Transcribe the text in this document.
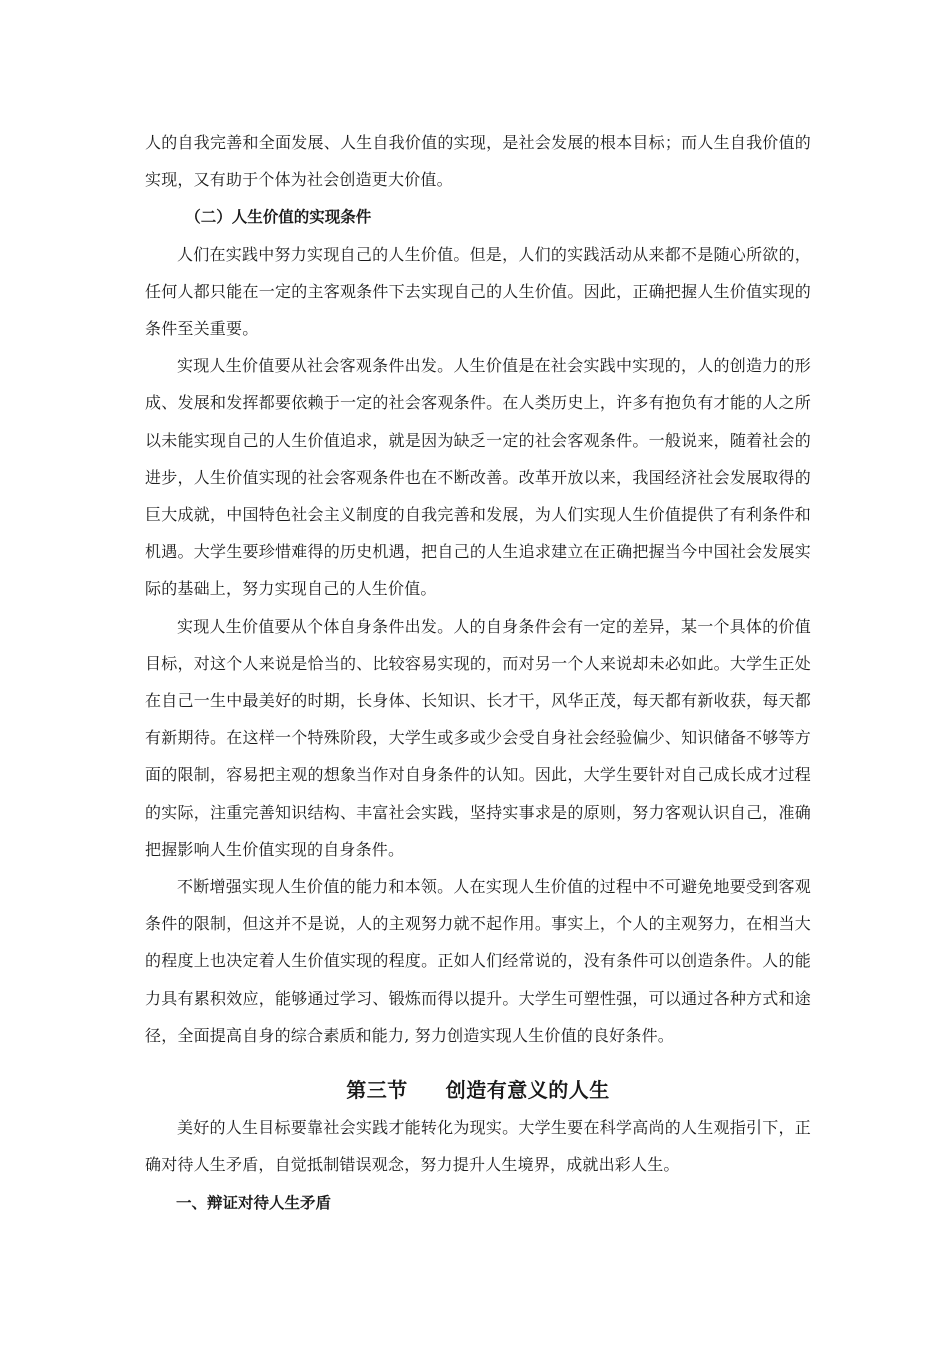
人的自我完善和全面发展、人生自我价值的实现，是社会发展的根本目标；而人生自我价值的实现，又有助于个体为社会创造更大价值。

（二）人生价值的实现条件

人们在实践中努力实现自己的人生价值。但是，人们的实践活动从来都不是随心所欲的，任何人都只能在一定的主客观条件下去实现自己的人生价值。因此，正确把握人生价值实现的条件至关重要。

实现人生价值要从社会客观条件出发。人生价值是在社会实践中实现的，人的创造力的形成、发展和发挥都要依赖于一定的社会客观条件。在人类历史上，许多有抱负有才能的人之所以未能实现自己的人生价值追求，就是因为缺乏一定的社会客观条件。一般说来，随着社会的进步，人生价值实现的社会客观条件也在不断改善。改革开放以来，我国经济社会发展取得的巨大成就，中国特色社会主义制度的自我完善和发展，为人们实现人生价值提供了有利条件和机遇。大学生要珍惜难得的历史机遇，把自己的人生追求建立在正确把握当今中国社会发展实际的基础上，努力实现自己的人生价值。

实现人生价值要从个体自身条件出发。人的自身条件会有一定的差异，某一个具体的价值目标，对这个人来说是恰当的、比较容易实现的，而对另一个人来说却未必如此。大学生正处在自己一生中最美好的时期，长身体、长知识、长才干，风华正茂，每天都有新收获，每天都有新期待。在这样一个特殊阶段，大学生或多或少会受自身社会经验偏少、知识储备不够等方面的限制，容易把主观的想象当作对自身条件的认知。因此，大学生要针对自己成长成才过程的实际，注重完善知识结构、丰富社会实践，坚持实事求是的原则，努力客观认识自己，准确把握影响人生价值实现的自身条件。

不断增强实现人生价值的能力和本领。人在实现人生价值的过程中不可避免地要受到客观条件的限制，但这并不是说，人的主观努力就不起作用。事实上，个人的主观努力，在相当大的程度上也决定着人生价值实现的程度。正如人们经常说的，没有条件可以创造条件。人的能力具有累积效应，能够通过学习、锻炼而得以提升。大学生可塑性强，可以通过各种方式和途径，全面提高自身的综合素质和能力, 努力创造实现人生价值的良好条件。

第三节 创造有意义的人生

美好的人生目标要靠社会实践才能转化为现实。大学生要在科学高尚的人生观指引下，正确对待人生矛盾，自觉抵制错误观念，努力提升人生境界，成就出彩人生。

一、辩证对待人生矛盾
